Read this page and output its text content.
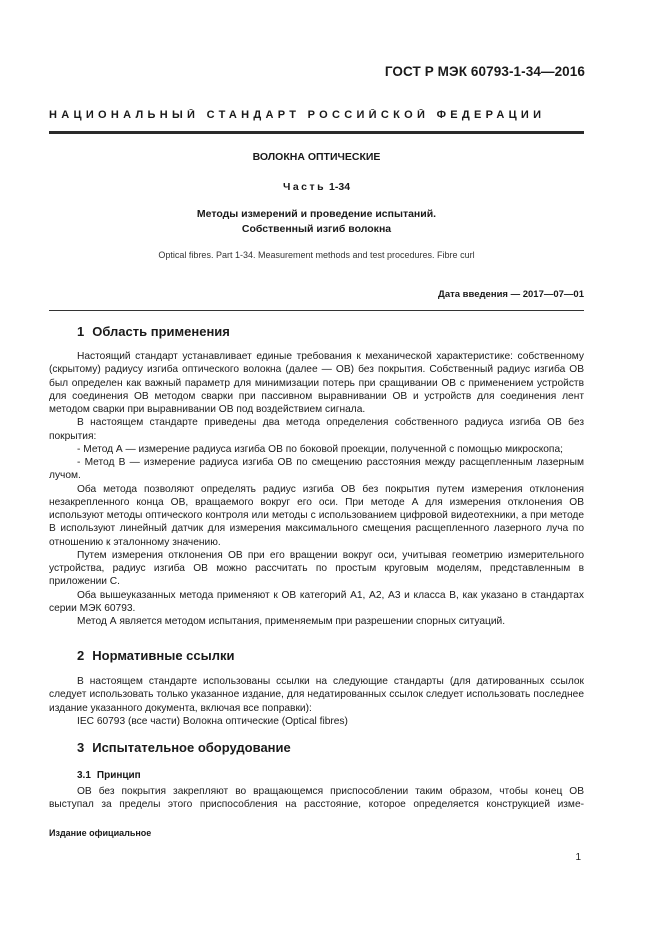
ГОСТ Р МЭК 60793-1-34—2016
НАЦИОНАЛЬНЫЙ СТАНДАРТ РОССИЙСКОЙ ФЕДЕРАЦИИ
ВОЛОКНА ОПТИЧЕСКИЕ
Часть 1-34
Методы измерений и проведение испытаний.
Собственный изгиб волокна
Optical fibres. Part 1-34. Measurement methods and test procedures. Fibre curl
Дата введения — 2017—07—01
1 Область применения

Настоящий стандарт устанавливает единые требования к механической характеристике: собственному (скрытому) радиусу изгиба оптического волокна (далее — ОВ) без покрытия. Собственный радиус изгиба ОВ был определен как важный параметр для минимизации потерь при сращивании ОВ с применением устройств для соединения ОВ методом сварки при пассивном выравнивании ОВ и устройств для соединения лент методом сварки при выравнивании ОВ под воздействием сигнала.

В настоящем стандарте приведены два метода определения собственного радиуса изгиба ОВ без покрытия:

- Метод А — измерение радиуса изгиба ОВ по боковой проекции, полученной с помощью микроскопа;

- Метод В — измерение радиуса изгиба ОВ по смещению расстояния между расщепленным лазерным лучом.

Оба метода позволяют определять радиус изгиба ОВ без покрытия путем измерения отклонения незакрепленного конца ОВ, вращаемого вокруг его оси. При методе А для измерения отклонения ОВ используют методы оптического контроля или методы с использованием цифровой видеотехники, а при методе В используют линейный датчик для измерения максимального смещения расщепленного лазерного луча по отношению к эталонному значению.

Путем измерения отклонения ОВ при его вращении вокруг оси, учитывая геометрию измерительного устройства, радиус изгиба ОВ можно рассчитать по простым круговым моделям, представленным в приложении С.

Оба вышеуказанных метода применяют к ОВ категорий А1, А2, А3 и класса В, как указано в стандартах серии МЭК 60793.

Метод А является методом испытания, применяемым при разрешении спорных ситуаций.

2 Нормативные ссылки

В настоящем стандарте использованы ссылки на следующие стандарты (для датированных ссылок следует использовать только указанное издание, для недатированных ссылок следует использовать последнее издание указанного документа, включая все поправки):

IEC 60793 (все части) Волокна оптические (Optical fibres)

3 Испытательное оборудование
3.1 Принцип

ОВ без покрытия закрепляют во вращающемся приспособлении таким образом, чтобы конец ОВ выступал за пределы этого приспособления на расстояние, которое определяется конструкцией изме-

Издание официальное
1
